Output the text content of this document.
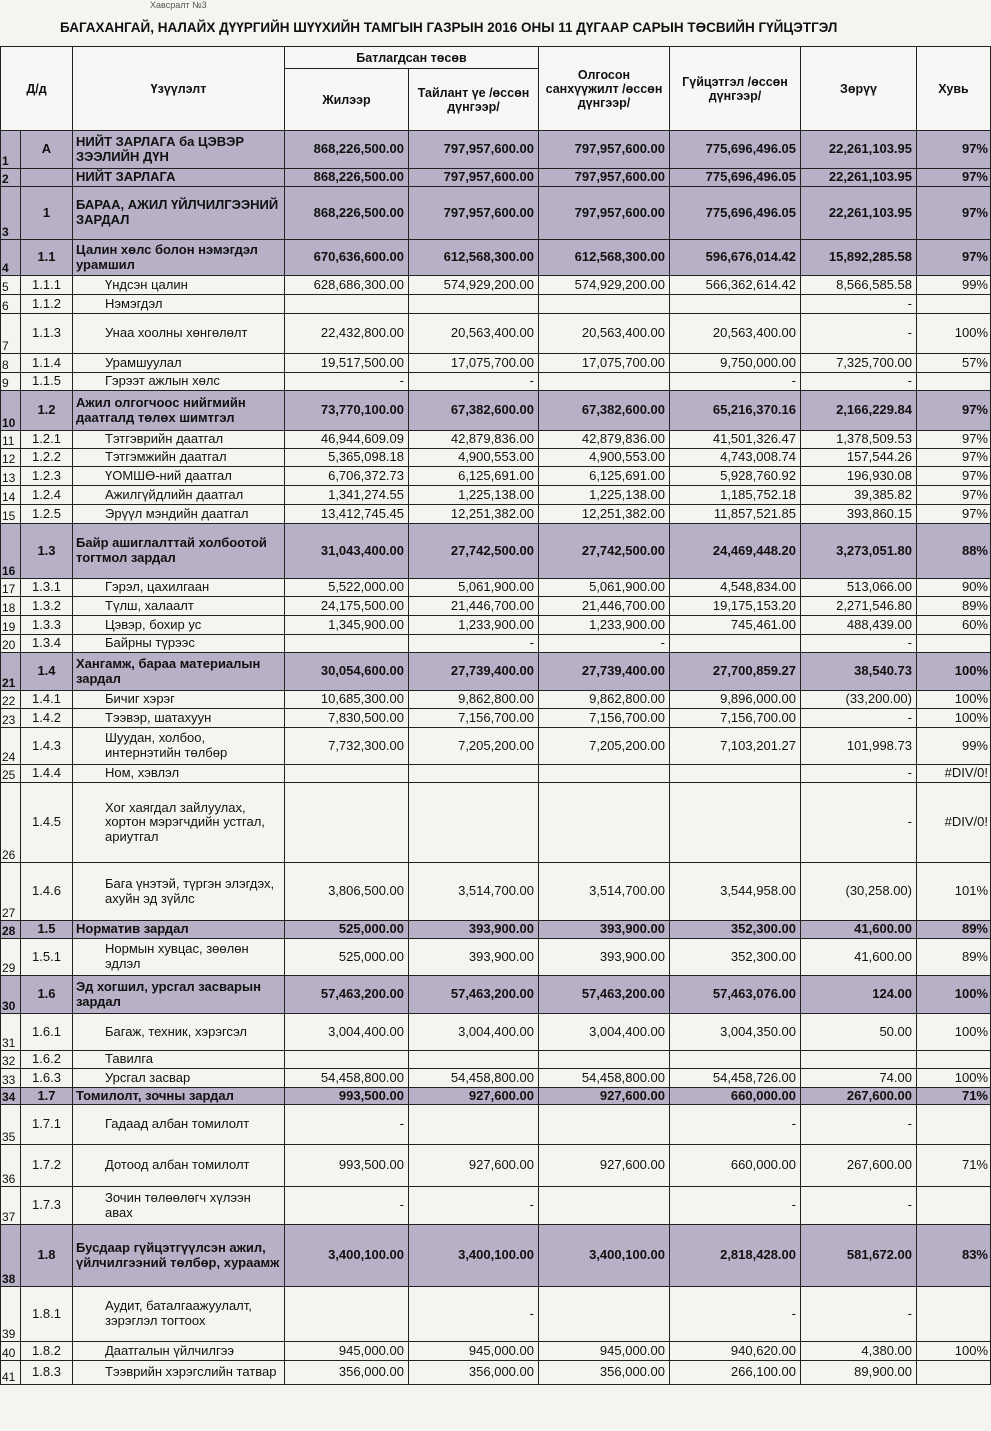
Хавсралт №3
БАГАХАНГАЙ, НАЛАЙХ ДҮҮРГИЙН ШҮҮХИЙН ТАМГЫН ГАЗРЫН 2016 ОНЫ 11 ДҮГААР САРЫН ТӨСВИЙН ГҮЙЦЭТГЭЛ
Д/д		Үзүүлэлт	Батлагдсан төсөв		Олгосон санхүүжилт /өссөн дүнгээр/	Гүйцэтгэл /өссөн дүнгээр/	Зөрүү	Хувь
			Жилээр	Тайлант үе /өссөн дүнгээр/				
1	А	НИЙТ ЗАРЛАГА ба ЦЭВЭР ЗЭЭЛИЙН ДҮН	868,226,500.00	797,957,600.00	797,957,600.00	775,696,496.05	22,261,103.95	97%
2		НИЙТ ЗАРЛАГА	868,226,500.00	797,957,600.00	797,957,600.00	775,696,496.05	22,261,103.95	97%
3	1	БАРАА, АЖИЛ ҮЙЛЧИЛГЭЭНИЙ ЗАРДАЛ	868,226,500.00	797,957,600.00	797,957,600.00	775,696,496.05	22,261,103.95	97%
4	1.1	Цалин хөлс болон нэмэгдэл урамшил	670,636,600.00	612,568,300.00	612,568,300.00	596,676,014.42	15,892,285.58	97%
5	1.1.1	Үндсэн цалин	628,686,300.00	574,929,200.00	574,929,200.00	566,362,614.42	8,566,585.58	99%
6	1.1.2	Нэмэгдэл					-	
7	1.1.3	Унаа хоолны хөнгөлөлт	22,432,800.00	20,563,400.00	20,563,400.00	20,563,400.00	-	100%
8	1.1.4	Урамшуулал	19,517,500.00	17,075,700.00	17,075,700.00	9,750,000.00	7,325,700.00	57%
9	1.1.5	Гэрээт ажлын хөлс	-	-		-	-	
10	1.2	Ажил олгогчоос нийгмийн даатгалд төлөх шимтгэл	73,770,100.00	67,382,600.00	67,382,600.00	65,216,370.16	2,166,229.84	97%
11	1.2.1	Тэтгэврийн даатгал	46,944,609.09	42,879,836.00	42,879,836.00	41,501,326.47	1,378,509.53	97%
12	1.2.2	Тэтгэмжийн даатгал	5,365,098.18	4,900,553.00	4,900,553.00	4,743,008.74	157,544.26	97%
13	1.2.3	ҮОМШӨ-ний даатгал	6,706,372.73	6,125,691.00	6,125,691.00	5,928,760.92	196,930.08	97%
14	1.2.4	Ажилгүйдлийн даатгал	1,341,274.55	1,225,138.00	1,225,138.00	1,185,752.18	39,385.82	97%
15	1.2.5	Эрүүл мэндийн даатгал	13,412,745.45	12,251,382.00	12,251,382.00	11,857,521.85	393,860.15	97%
16	1.3	Байр ашиглалттай холбоотой тогтмол зардал	31,043,400.00	27,742,500.00	27,742,500.00	24,469,448.20	3,273,051.80	88%
17	1.3.1	Гэрэл, цахилгаан	5,522,000.00	5,061,900.00	5,061,900.00	4,548,834.00	513,066.00	90%
18	1.3.2	Түлш, халаалт	24,175,500.00	21,446,700.00	21,446,700.00	19,175,153.20	2,271,546.80	89%
19	1.3.3	Цэвэр, бохир ус	1,345,900.00	1,233,900.00	1,233,900.00	745,461.00	488,439.00	60%
20	1.3.4	Байрны түрээс		-	-		-	
21	1.4	Хангамж, бараа материалын зардал	30,054,600.00	27,739,400.00	27,739,400.00	27,700,859.27	38,540.73	100%
22	1.4.1	Бичиг хэрэг	10,685,300.00	9,862,800.00	9,862,800.00	9,896,000.00	(33,200.00)	100%
23	1.4.2	Тээвэр, шатахуун	7,830,500.00	7,156,700.00	7,156,700.00	7,156,700.00	-	100%
24	1.4.3	Шуудан, холбоо, интернэтийн төлбөр	7,732,300.00	7,205,200.00	7,205,200.00	7,103,201.27	101,998.73	99%
25	1.4.4	Ном, хэвлэл					-	#DIV/0!
26	1.4.5	Хог хаягдал зайлуулах, хортон мэрэгчдийн устгал, ариутгал					-	#DIV/0!
27	1.4.6	Бага үнэтэй, түргэн элэгдэх, ахуйн эд зүйлс	3,806,500.00	3,514,700.00	3,514,700.00	3,544,958.00	(30,258.00)	101%
28	1.5	Норматив зардал	525,000.00	393,900.00	393,900.00	352,300.00	41,600.00	89%
29	1.5.1	Нормын хувцас, зөөлөн эдлэл	525,000.00	393,900.00	393,900.00	352,300.00	41,600.00	89%
30	1.6	Эд хогшил, урсгал засварын зардал	57,463,200.00	57,463,200.00	57,463,200.00	57,463,076.00	124.00	100%
31	1.6.1	Багаж, техник, хэрэгсэл	3,004,400.00	3,004,400.00	3,004,400.00	3,004,350.00	50.00	100%
32	1.6.2	Тавилга						
33	1.6.3	Урсгал засвар	54,458,800.00	54,458,800.00	54,458,800.00	54,458,726.00	74.00	100%
34	1.7	Томилолт, зочны зардал	993,500.00	927,600.00	927,600.00	660,000.00	267,600.00	71%
35	1.7.1	Гадаад албан томилолт	-			-	-	
36	1.7.2	Дотоод албан томилолт	993,500.00	927,600.00	927,600.00	660,000.00	267,600.00	71%
37	1.7.3	Зочин төлөөлөгч хүлээн авах	-	-		-	-	
38	1.8	Бусдаар гүйцэтгүүлсэн ажил, үйлчилгээний төлбөр, хураамж	3,400,100.00	3,400,100.00	3,400,100.00	2,818,428.00	581,672.00	83%
39	1.8.1	Аудит, баталгаажуулалт, зэрэглэл тогтоох		-		-	-	
40	1.8.2	Даатгалын үйлчилгээ	945,000.00	945,000.00	945,000.00	940,620.00	4,380.00	100%
41	1.8.3	Тээврийн хэрэгслийн татвар	356,000.00	356,000.00	356,000.00	266,100.00	89,900.00	
